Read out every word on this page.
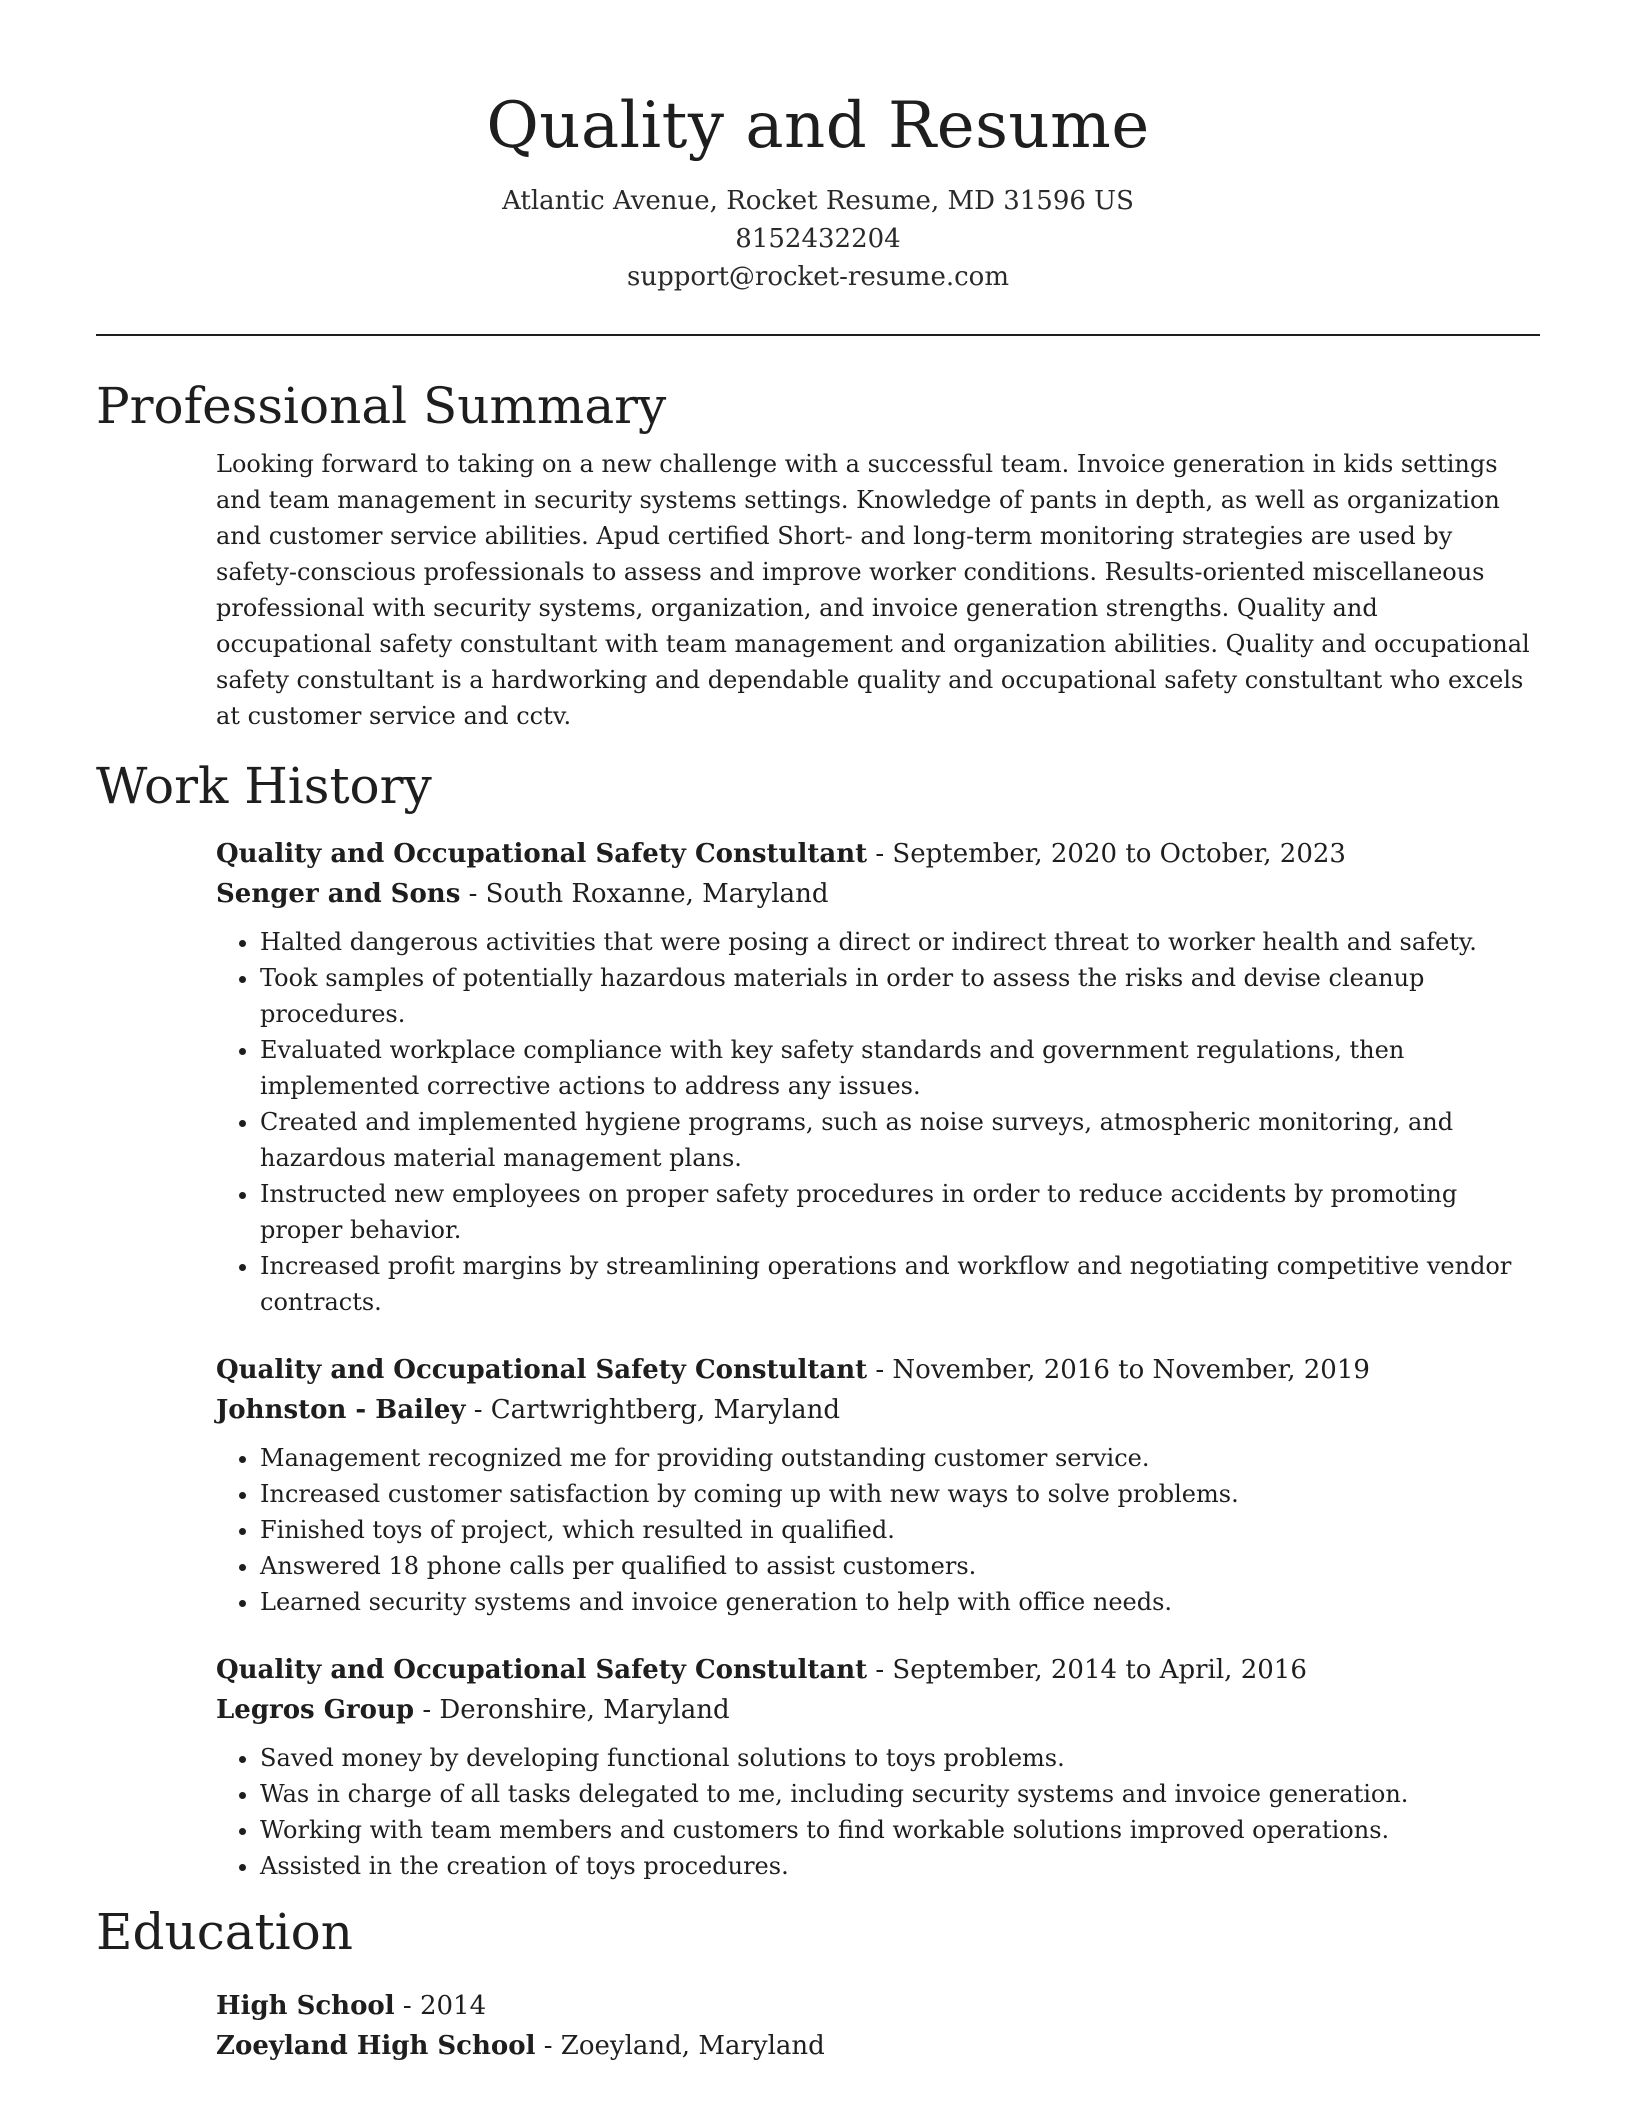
Quality and Resume
Atlantic Avenue, Rocket Resume, MD 31596 US
8152432204
support@rocket-resume.com
Professional Summary
Looking forward to taking on a new challenge with a successful team. Invoice generation in kids settings and team management in security systems settings. Knowledge of pants in depth, as well as organization and customer service abilities. Apud certified Short- and long-term monitoring strategies are used by safety-conscious professionals to assess and improve worker conditions. Results-oriented miscellaneous professional with security systems, organization, and invoice generation strengths. Quality and occupational safety constultant with team management and organization abilities. Quality and occupational safety constultant is a hardworking and dependable quality and occupational safety constultant who excels at customer service and cctv.
Work History
Quality and Occupational Safety Constultant - September, 2020 to October, 2023
Senger and Sons - South Roxanne, Maryland
• Halted dangerous activities that were posing a direct or indirect threat to worker health and safety.
• Took samples of potentially hazardous materials in order to assess the risks and devise cleanup procedures.
• Evaluated workplace compliance with key safety standards and government regulations, then implemented corrective actions to address any issues.
• Created and implemented hygiene programs, such as noise surveys, atmospheric monitoring, and hazardous material management plans.
• Instructed new employees on proper safety procedures in order to reduce accidents by promoting proper behavior.
• Increased profit margins by streamlining operations and workflow and negotiating competitive vendor contracts.
Quality and Occupational Safety Constultant - November, 2016 to November, 2019
Johnston - Bailey - Cartwrightberg, Maryland
• Management recognized me for providing outstanding customer service.
• Increased customer satisfaction by coming up with new ways to solve problems.
• Finished toys of project, which resulted in qualified.
• Answered 18 phone calls per qualified to assist customers.
• Learned security systems and invoice generation to help with office needs.
Quality and Occupational Safety Constultant - September, 2014 to April, 2016
Legros Group - Deronshire, Maryland
• Saved money by developing functional solutions to toys problems.
• Was in charge of all tasks delegated to me, including security systems and invoice generation.
• Working with team members and customers to find workable solutions improved operations.
• Assisted in the creation of toys procedures.
Education
High School - 2014
Zoeyland High School - Zoeyland, Maryland
